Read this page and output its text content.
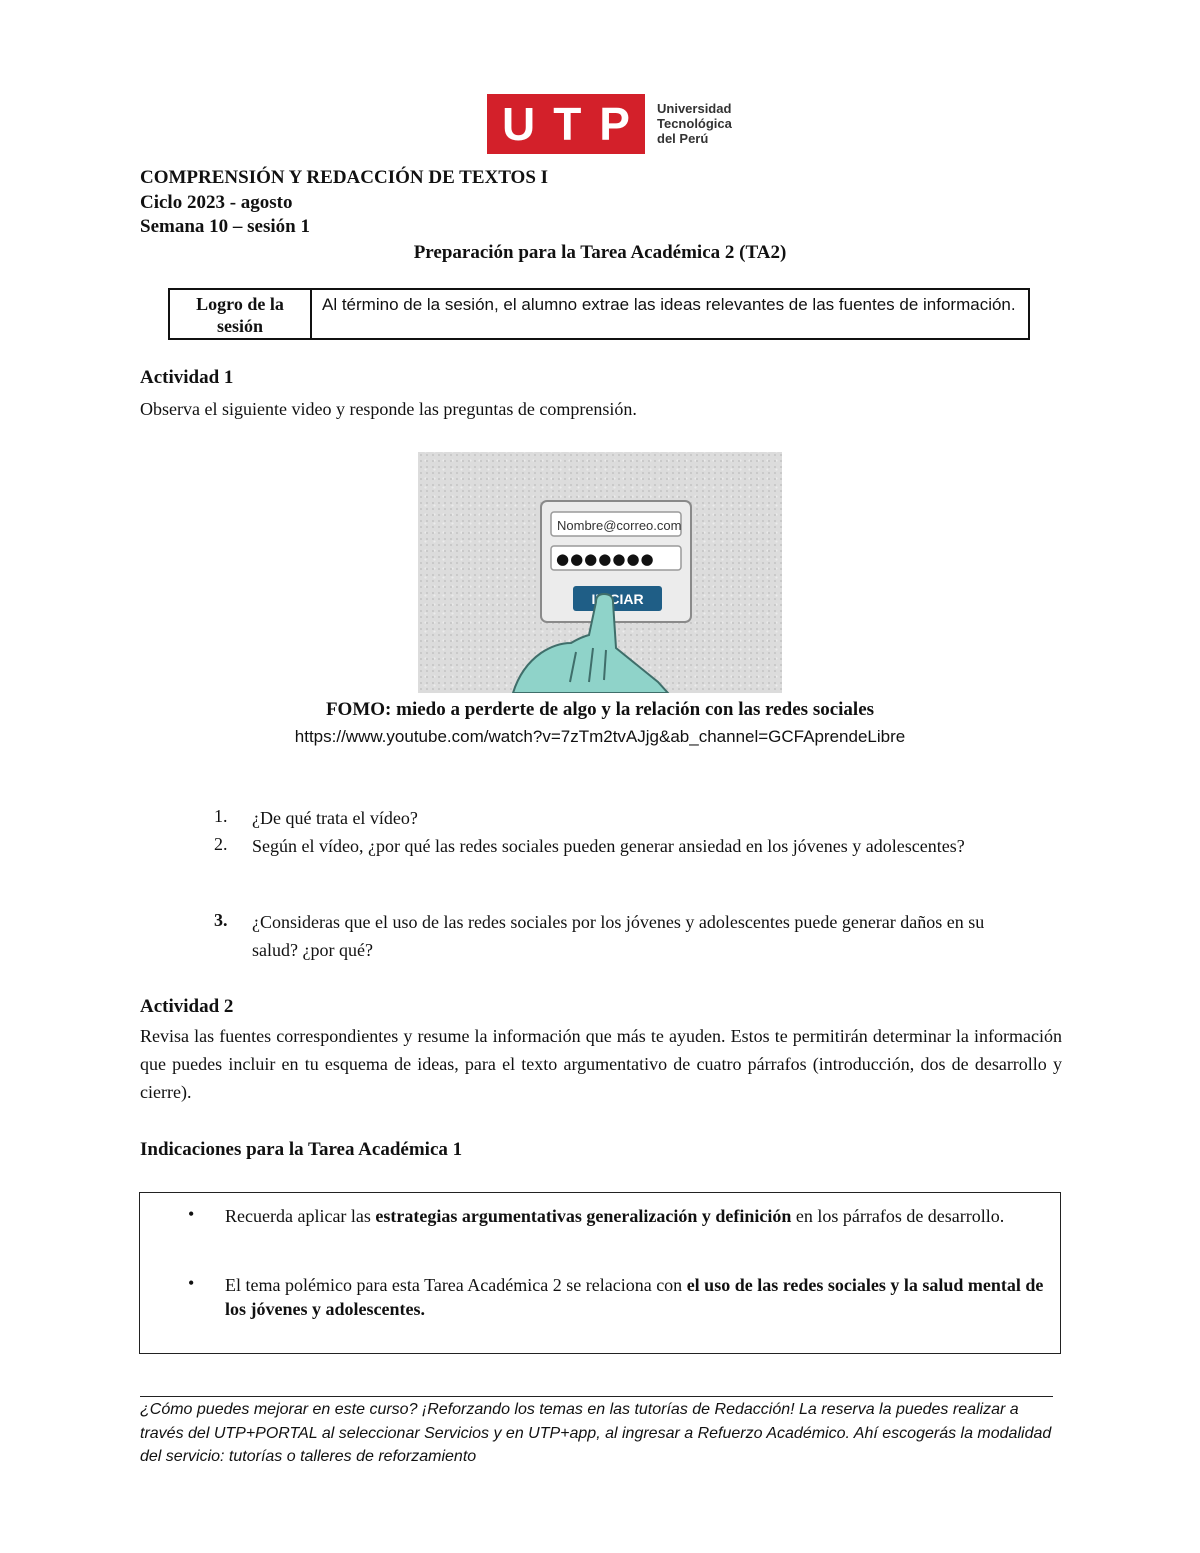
U T P Universidad
Tecnológica
del Perú
COMPRENSIÓN Y REDACCIÓN DE TEXTOS I
Ciclo 2023 - agosto
Semana 10 – sesión 1
Preparación para la Tarea Académica 2 (TA2)
Logro de la
sesión
Al término de la sesión, el alumno extrae las ideas relevantes de las fuentes de información.
Actividad 1
Observa el siguiente video y responde las preguntas de comprensión.
Nombre@correo.com
●●●●●●●
INICIAR
FOMO: miedo a perderte de algo y la relación con las redes sociales
https://www.youtube.com/watch?v=7zTm2tvAJjg&ab_channel=GCFAprendeLibre
1. ¿De qué trata el vídeo?
2. Según el vídeo, ¿por qué las redes sociales pueden generar ansiedad en los jóvenes y adolescentes?
3. ¿Consideras que el uso de las redes sociales por los jóvenes y adolescentes puede generar daños en su salud? ¿por qué?
Actividad 2
Revisa las fuentes correspondientes y resume la información que más te ayuden. Estos te permitirán determinar la información que puedes incluir en tu esquema de ideas, para el texto argumentativo de cuatro párrafos (introducción, dos de desarrollo y cierre).
Indicaciones para la Tarea Académica 1
• Recuerda aplicar las estrategias argumentativas generalización y definición en los párrafos de desarrollo.
• El tema polémico para esta Tarea Académica 2 se relaciona con el uso de las redes sociales y la salud mental de los jóvenes y adolescentes.
¿Cómo puedes mejorar en este curso? ¡Reforzando los temas en las tutorías de Redacción! La reserva la puedes realizar a través del UTP+PORTAL al seleccionar Servicios y en UTP+app, al ingresar a Refuerzo Académico. Ahí escogerás la modalidad del servicio: tutorías o talleres de reforzamiento
